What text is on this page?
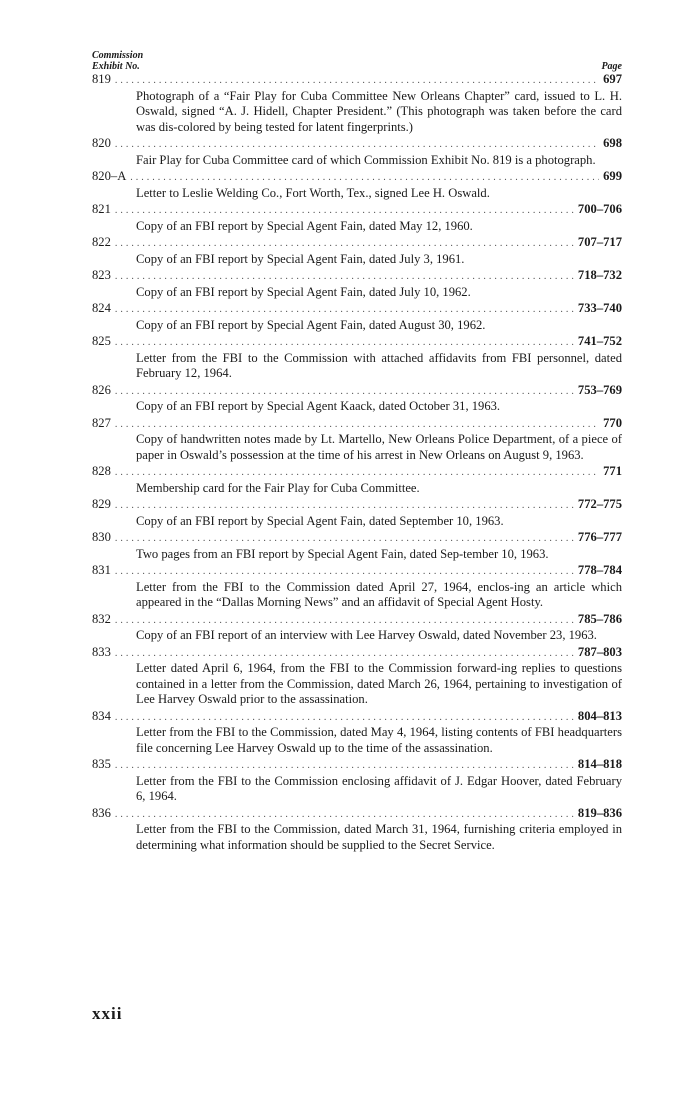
Commission
Exhibit No.	Page
819 .....	697
Photograph of a “Fair Play for Cuba Committee New Orleans Chapter” card, issued to L. H. Oswald, signed “A. J. Hidell, Chapter President.” (This photograph was taken before the card was dis-colored by being tested for latent fingerprints.)
820 .....	698
Fair Play for Cuba Committee card of which Commission Exhibit No. 819 is a photograph.
820–A .....	699
Letter to Leslie Welding Co., Fort Worth, Tex., signed Lee H. Oswald.
821 .....	700–706
Copy of an FBI report by Special Agent Fain, dated May 12, 1960.
822 .....	707–717
Copy of an FBI report by Special Agent Fain, dated July 3, 1961.
823 .....	718–732
Copy of an FBI report by Special Agent Fain, dated July 10, 1962.
824 .....	733–740
Copy of an FBI report by Special Agent Fain, dated August 30, 1962.
825 .....	741–752
Letter from the FBI to the Commission with attached affidavits from FBI personnel, dated February 12, 1964.
826 .....	753–769
Copy of an FBI report by Special Agent Kaack, dated October 31, 1963.
827 .....	770
Copy of handwritten notes made by Lt. Martello, New Orleans Police Department, of a piece of paper in Oswald’s possession at the time of his arrest in New Orleans on August 9, 1963.
828 .....	771
Membership card for the Fair Play for Cuba Committee.
829 .....	772–775
Copy of an FBI report by Special Agent Fain, dated September 10, 1963.
830 .....	776–777
Two pages from an FBI report by Special Agent Fain, dated Sep-tember 10, 1963.
831 .....	778–784
Letter from the FBI to the Commission dated April 27, 1964, enclos-ing an article which appeared in the “Dallas Morning News” and an affidavit of Special Agent Hosty.
832 .....	785–786
Copy of an FBI report of an interview with Lee Harvey Oswald, dated November 23, 1963.
833 .....	787–803
Letter dated April 6, 1964, from the FBI to the Commission forward-ing replies to questions contained in a letter from the Commission, dated March 26, 1964, pertaining to investigation of Lee Harvey Oswald prior to the assassination.
834 .....	804–813
Letter from the FBI to the Commission, dated May 4, 1964, listing contents of FBI headquarters file concerning Lee Harvey Oswald up to the time of the assassination.
835 .....	814–818
Letter from the FBI to the Commission enclosing affidavit of J. Edgar Hoover, dated February 6, 1964.
836 .....	819–836
Letter from the FBI to the Commission, dated March 31, 1964, furnishing criteria employed in determining what information should be supplied to the Secret Service.
xxii
